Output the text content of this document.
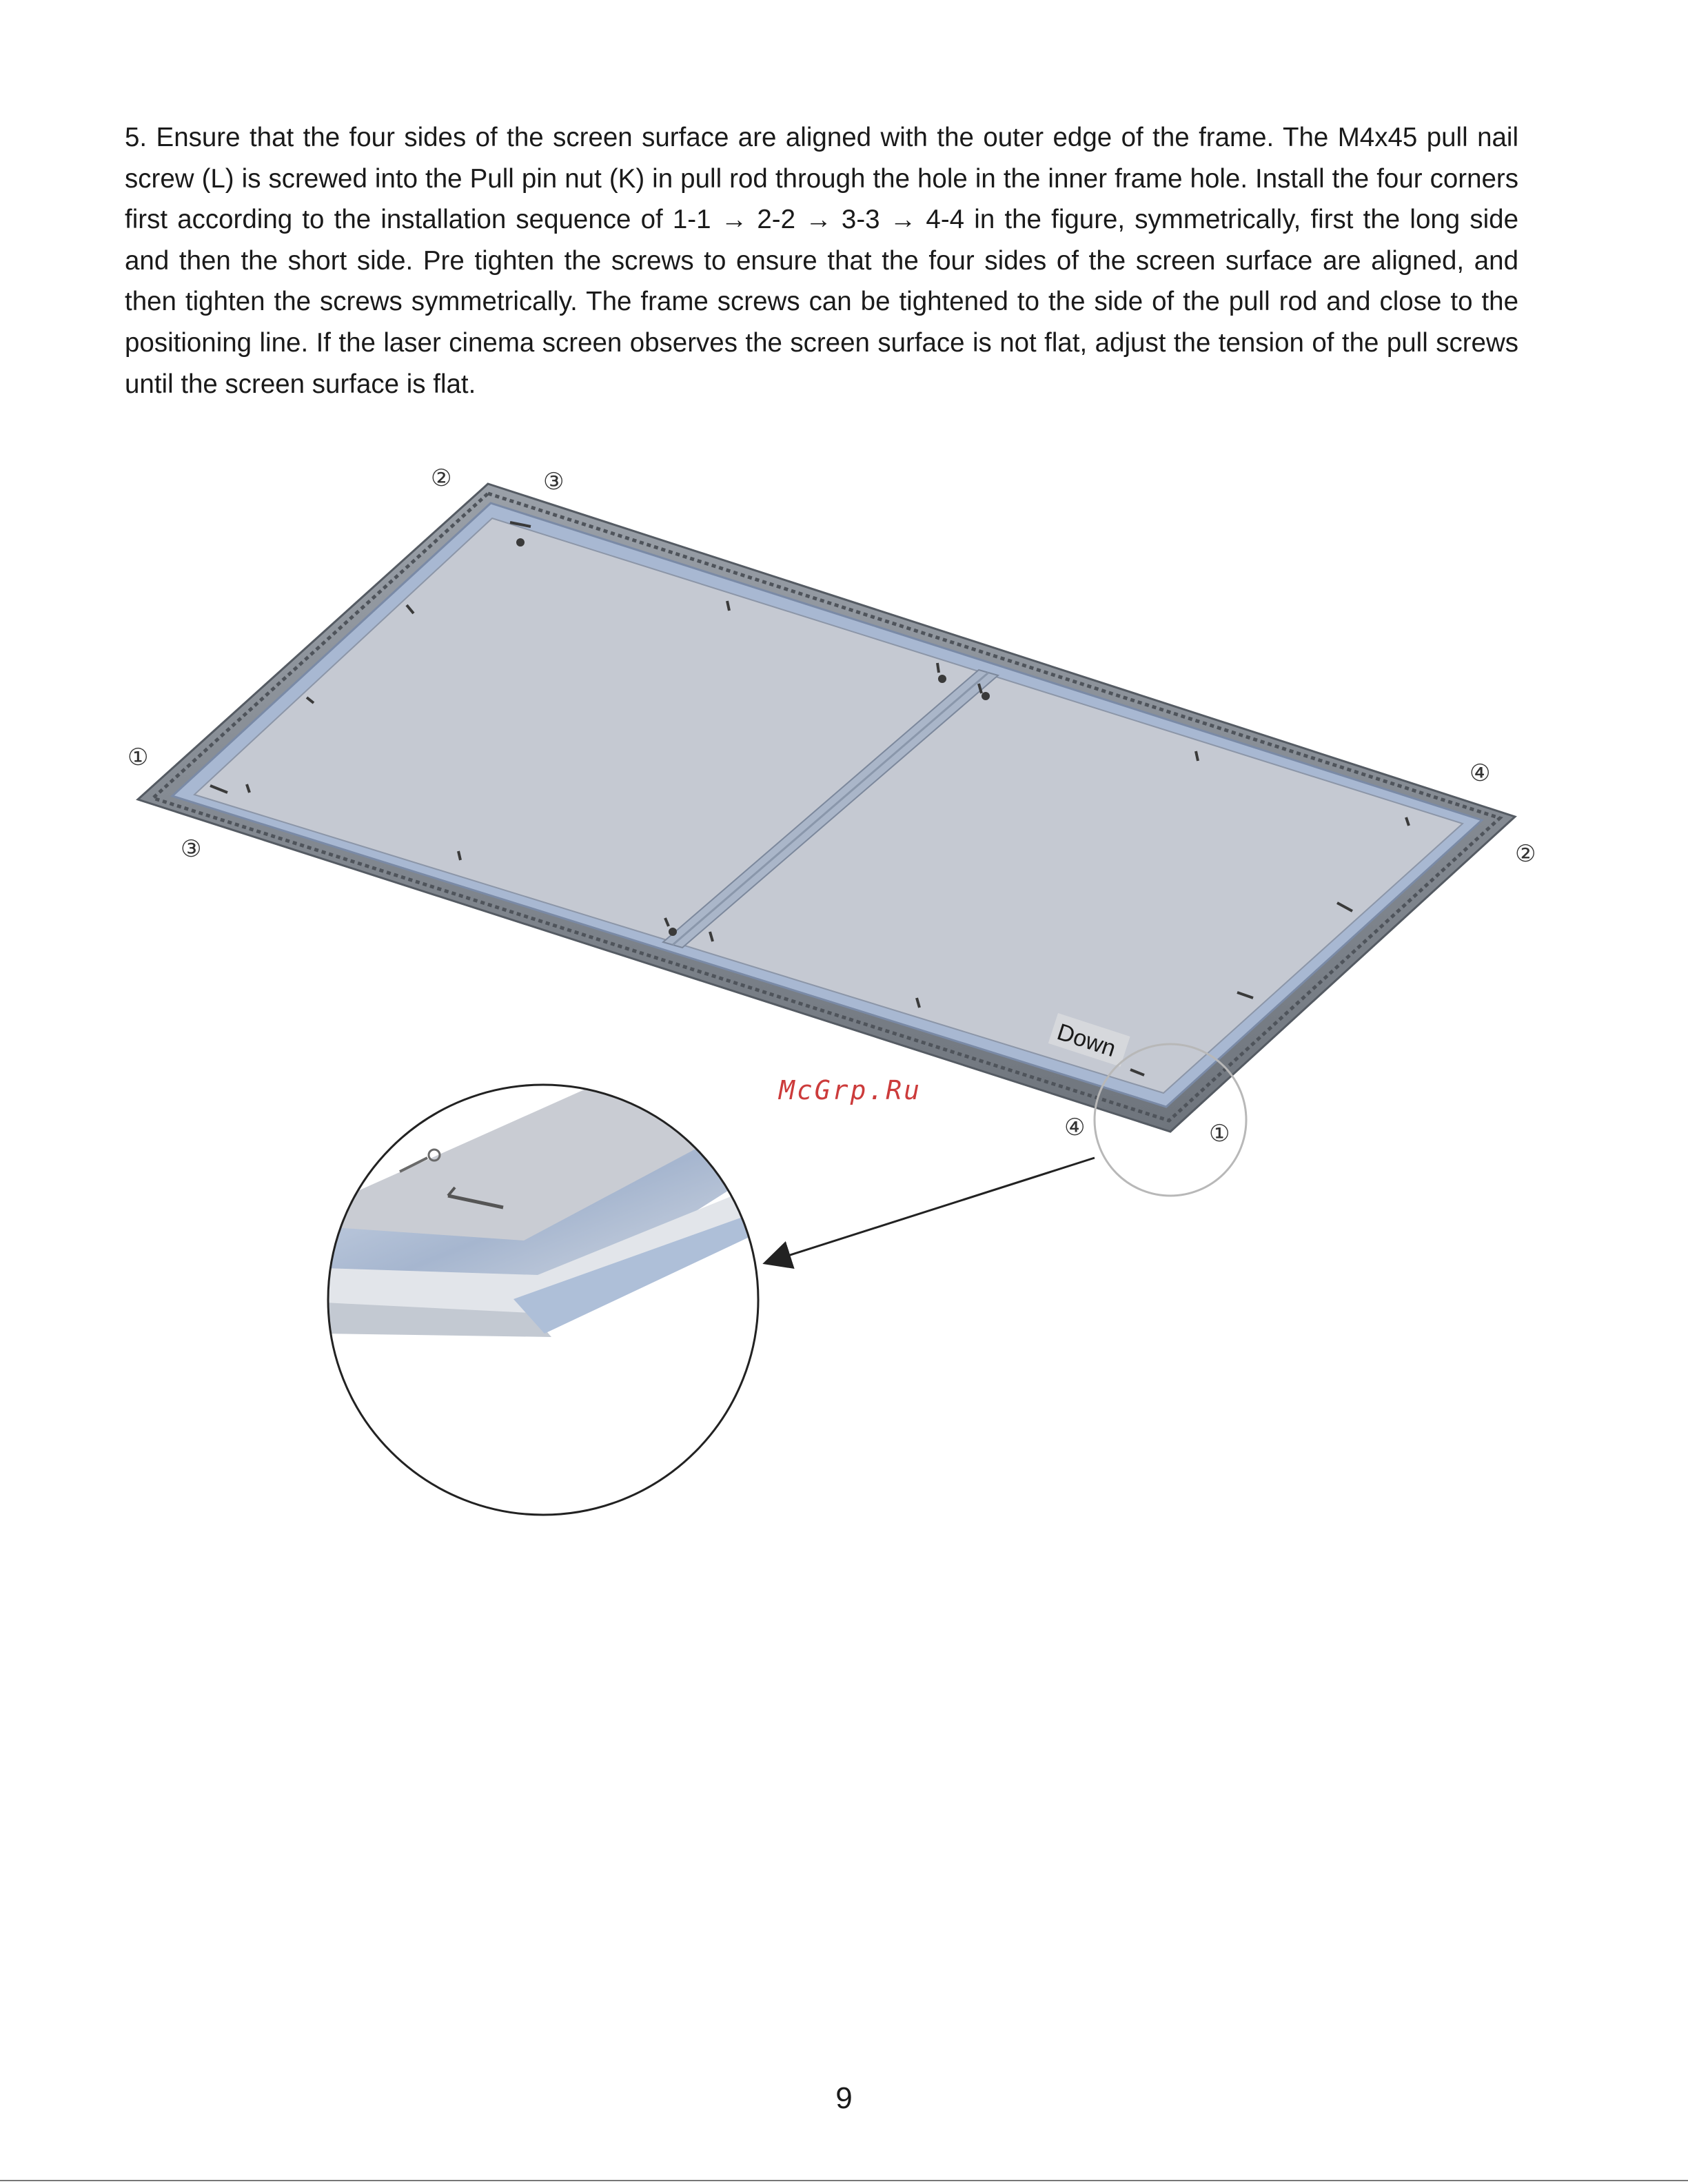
5. Ensure that the four sides of the screen surface are aligned with the outer edge of the frame. The M4x45 pull nail screw (L) is screwed into the Pull pin nut (K) in pull rod through the hole in the inner frame hole. Install the four corners first according to the installation sequence of 1-1 → 2-2 → 3-3 → 4-4 in the figure, symmetrically, first the long side and then the short side. Pre tighten the screws to ensure that the four sides of the screen surface are aligned, and then tighten the screws symmetrically. The frame screws can be tightened to the side of the pull rod and close to the positioning line. If the laser cinema screen observes the screen surface is not flat, adjust the tension of the pull screws until the screen surface is flat.

Down
②	③
①
③
④
②
④	①
McGrp.Ru
9
